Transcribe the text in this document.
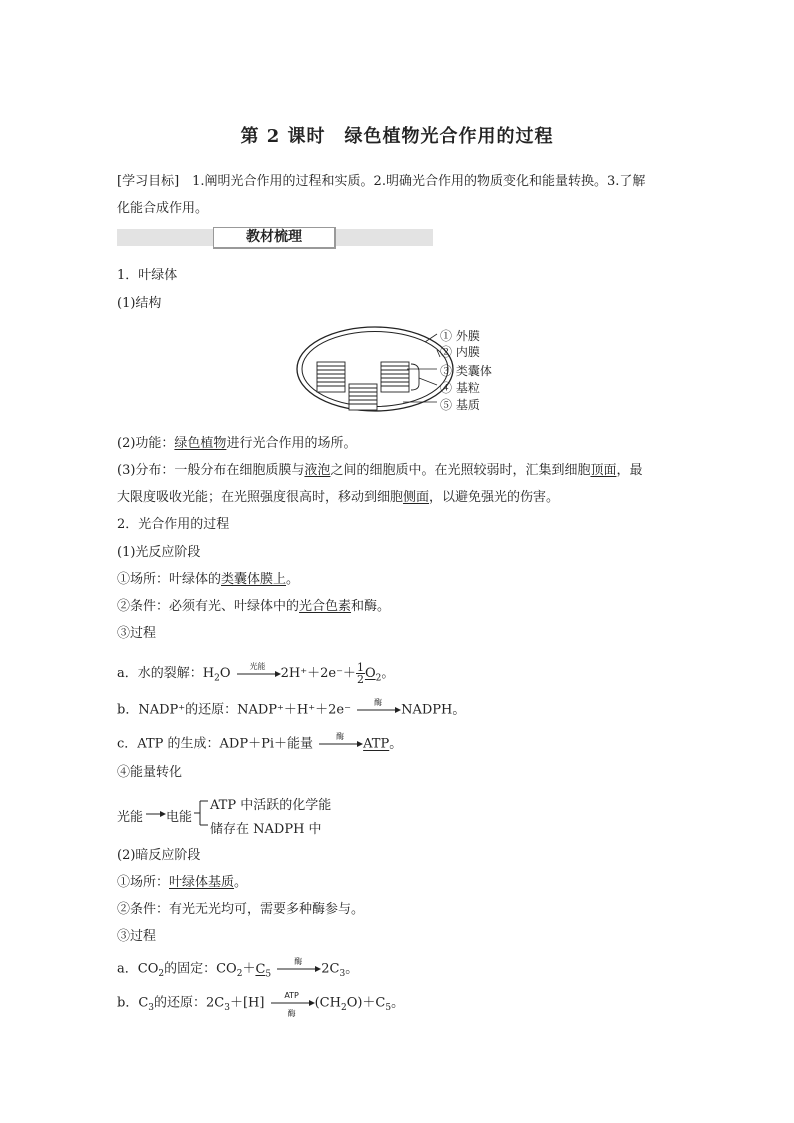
第 2 课时　绿色植物光合作用的过程
[学习目标]　1.阐明光合作用的过程和实质。2.明确光合作用的物质变化和能量转换。3.了解
化能合成作用。
教材梳理
1．叶绿体
(1)结构
① 外膜
② 内膜
③ 类囊体
④ 基粒
⑤ 基质
(2)功能：绿色植物进行光合作用的场所。
(3)分布：一般分布在细胞质膜与液泡之间的细胞质中。在光照较弱时，汇集到细胞顶面，最
大限度吸收光能；在光照强度很高时，移动到细胞侧面，以避免强光的伤害。
2．光合作用的过程
(1)光反应阶段
①场所：叶绿体的类囊体膜上。
②条件：必须有光、叶绿体中的光合色素和酶。
③过程
a．水的裂解：$H_2O$	光能	$2H^++2e^-+ \frac{1}{2} O_2$。
b．NADP⁺的还原：NADP⁺＋H⁺＋2e⁻	酶	NADPH。
c．ATP 的生成：ADP＋Pi＋能量	酶	ATP。
④能量转化
光能 电能
ATP 中活跃的化学能
储存在 NADPH 中
(2)暗反应阶段
①场所：叶绿体基质。
②条件：有光无光均可，需要多种酶参与。
③过程
a．$CO_2$的固定：$CO_2+C_5$
酶	$2C_3$。
b．$C_3$的还原：$2C_3+[H]$	ATP
酶
$(CH_2O)+C_5$。
